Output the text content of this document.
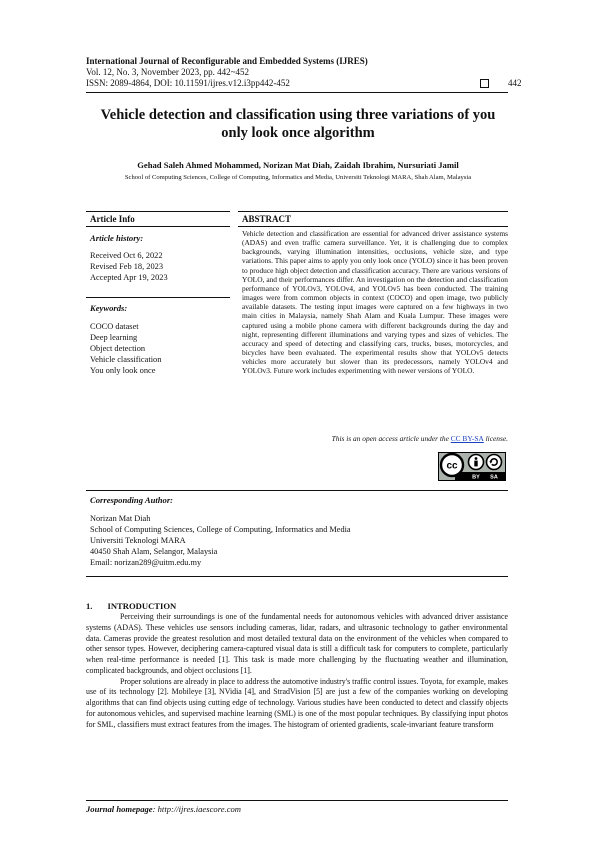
International Journal of Reconfigurable and Embedded Systems (IJRES)
Vol. 12, No. 3, November 2023, pp. 442~452
ISSN: 2089-4864, DOI: 10.11591/ijres.v12.i3pp442-452	442
Vehicle detection and classification using three variations of you
only look once algorithm
Gehad Saleh Ahmed Mohammed, Norizan Mat Diah, Zaidah Ibrahim, Nursuriati Jamil
School of Computing Sciences, College of Computing, Informatics and Media, Universiti Teknologi MARA, Shah Alam, Malaysia
Article Info
Article history:
Received Oct 6, 2022
Revised Feb 18, 2023
Accepted Apr 19, 2023
Keywords:
COCO dataset
Deep learning
Object detection
Vehicle classification
You only look once
ABSTRACT
Vehicle detection and classification are essential for advanced driver assistance systems (ADAS) and even traffic camera surveillance. Yet, it is challenging due to complex backgrounds, varying illumination intensities, occlusions, vehicle size, and type variations. This paper aims to apply you only look once (YOLO) since it has been proven to produce high object detection and classification accuracy. There are various versions of YOLO, and their performances differ. An investigation on the detection and classification performance of YOLOv3, YOLOv4, and YOLOv5 has been conducted. The training images were from common objects in context (COCO) and open image, two publicly available datasets. The testing input images were captured on a few highways in two main cities in Malaysia, namely Shah Alam and Kuala Lumpur. These images were captured using a mobile phone camera with different backgrounds during the day and night, representing different illuminations and varying types and sizes of vehicles. The accuracy and speed of detecting and classifying cars, trucks, buses, motorcycles, and bicycles have been evaluated. The experimental results show that YOLOv5 detects vehicles more accurately but slower than its predecessors, namely YOLOv4 and YOLOv3. Future work includes experimenting with newer versions of YOLO.
This is an open access article under the CC BY-SA license.
cc
BY SA
Corresponding Author:
Norizan Mat Diah
School of Computing Sciences, College of Computing, Informatics and Media
Universiti Teknologi MARA
40450 Shah Alam, Selangor, Malaysia
Email: norizan289@uitm.edu.my
1.       INTRODUCTION

Perceiving their surroundings is one of the fundamental needs for autonomous vehicles with advanced driver assistance systems (ADAS). These vehicles use sensors including cameras, lidar, radars, and ultrasonic technology to gather environmental data. Cameras provide the greatest resolution and most detailed textural data on the environment of the vehicles when compared to other sensor types. However, deciphering camera-captured visual data is still a difficult task for computers to complete, particularly when real-time performance is needed [1]. This task is made more challenging by the fluctuating weather and illumination, complicated backgrounds, and object occlusions [1].

Proper solutions are already in place to address the automotive industry's traffic control issues. Toyota, for example, makes use of its technology [2]. Mobileye [3], NVidia [4], and StradVision [5] are just a few of the companies working on developing algorithms that can find objects using cutting edge of technology. Various studies have been conducted to detect and classify objects for autonomous vehicles, and supervised machine learning (SML) is one of the most popular techniques. By classifying input photos for SML, classifiers must extract features from the images. The histogram of oriented gradients, scale-invariant feature transform

Journal homepage: http://ijres.iaescore.com
